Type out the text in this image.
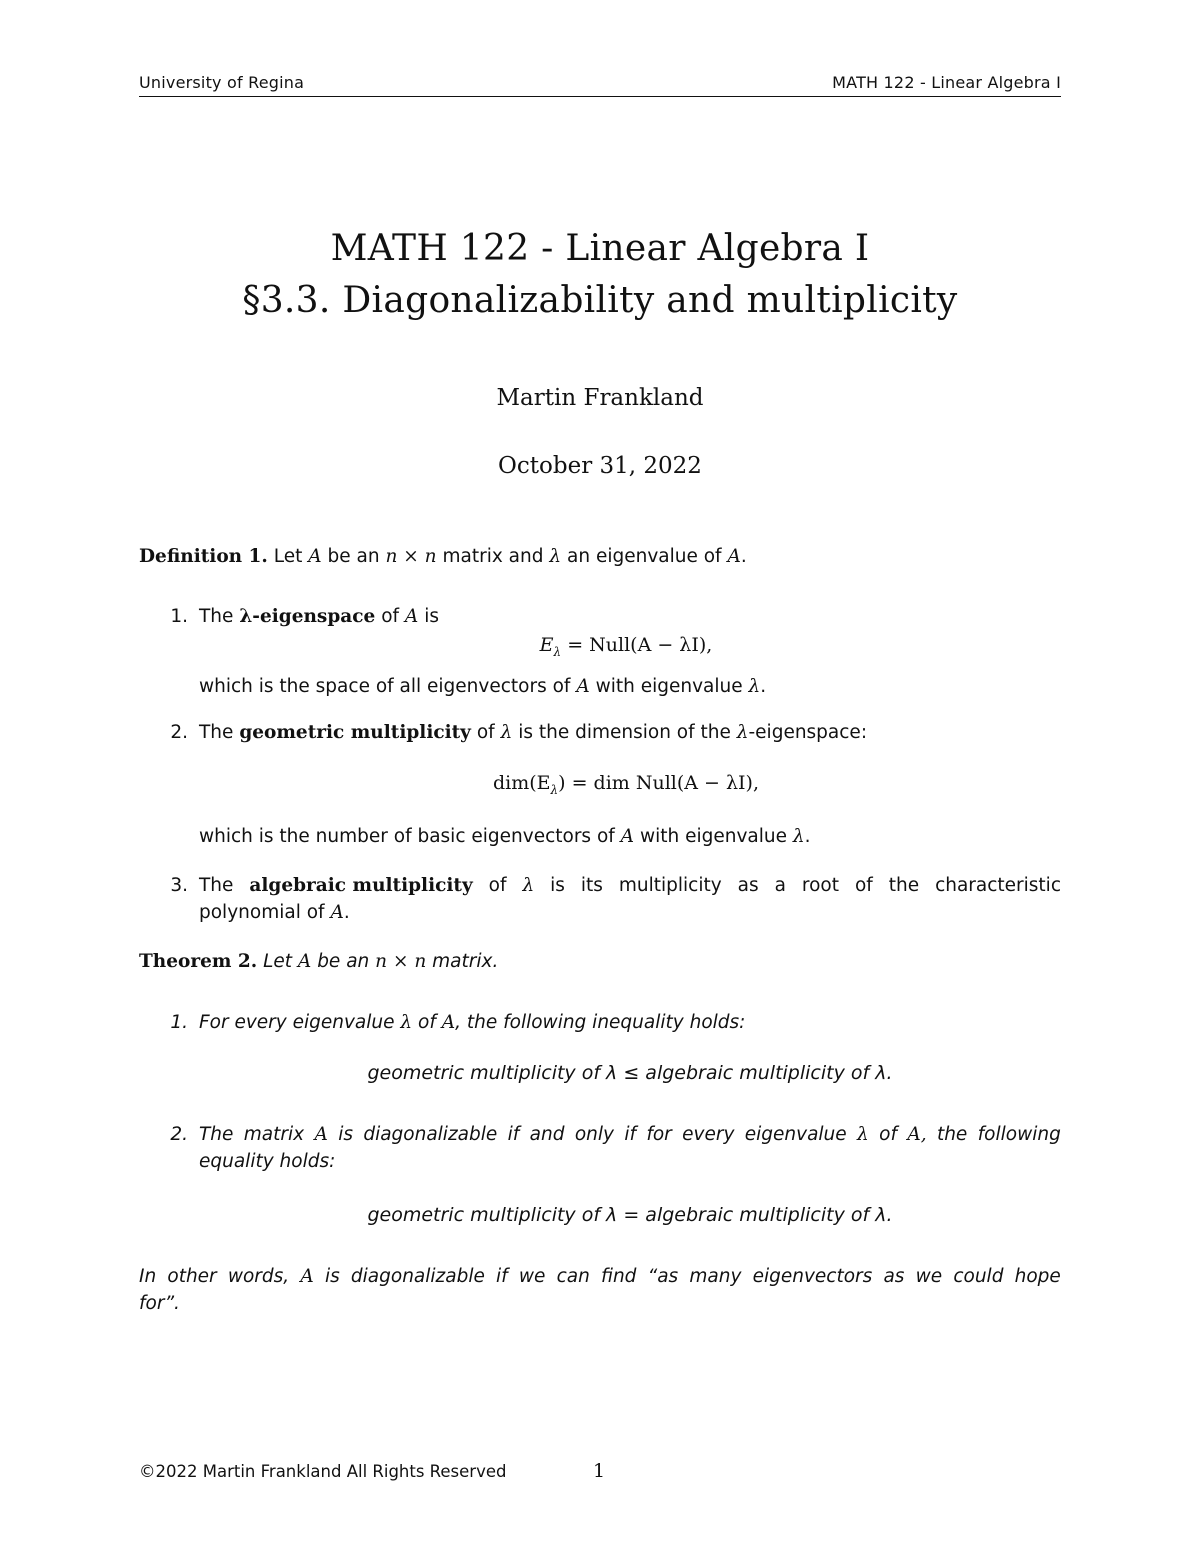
University of Regina	MATH 122 - Linear Algebra I
MATH 122 - Linear Algebra I
§3.3. Diagonalizability and multiplicity
Martin Frankland
October 31, 2022
Definition 1. Let A be an n × n matrix and λ an eigenvalue of A.
1. The λ-eigenspace of A is
$E_\lambda$ = Null(A − λI),
which is the space of all eigenvectors of A with eigenvalue λ.
2. The geometric multiplicity of λ is the dimension of the λ-eigenspace:
$dim(E_\lambda)$ = dim Null(A − λI),
which is the number of basic eigenvectors of A with eigenvalue λ.
3. The algebraic multiplicity of λ is its multiplicity as a root of the characteristic
polynomial of A.
Theorem 2. Let A be an n × n matrix.
1. For every eigenvalue λ of A, the following inequality holds:
geometric multiplicity of λ ≤ algebraic multiplicity of λ.
2. The matrix A is diagonalizable if and only if for every eigenvalue λ of A, the following
equality holds:
geometric multiplicity of λ = algebraic multiplicity of λ.
In other words, A is diagonalizable if we can find “as many eigenvectors as we could hope
for”.
©2022 Martin Frankland All Rights Reserved	1
